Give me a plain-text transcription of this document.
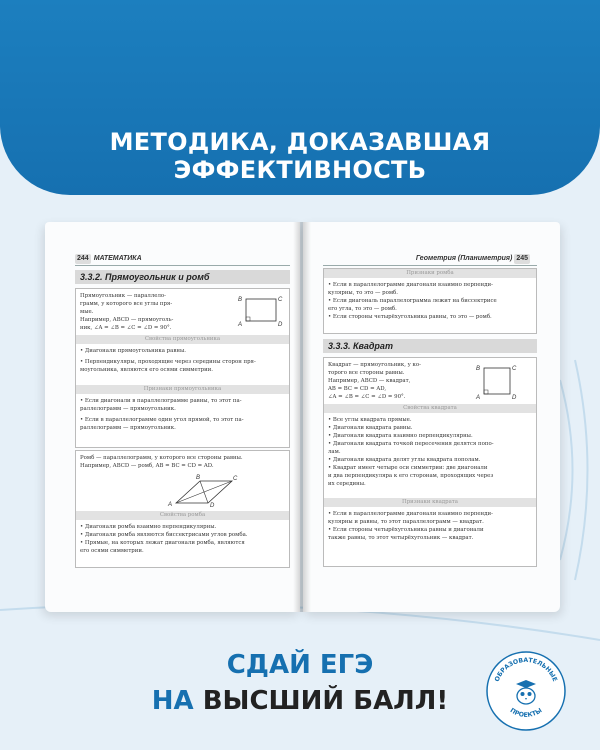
МЕТОДИКА, ДОКАЗАВШАЯ ЭФФЕКТИВНОСТЬ
244 МАТЕМАТИКА
3.3.2. Прямоугольник и ромб
Прямоугольник — параллело-
грамм, у которого все углы пря-
мые.
Например, ABCD — прямоуголь-
ник, ∠A = ∠B = ∠C = ∠D = 90°.
B	C
A	D
Свойства прямоугольника
• Диагонали прямоугольника равны.
• Перпендикуляры, проходящие через середины сторон пря-
моугольника, являются его осями симметрии.
Признаки прямоугольника
• Если диагонали в параллелограмме равны, то этот па-
раллелограмм — прямоугольник.
• Если в параллелограмме один угол прямой, то этот па-
раллелограмм — прямоугольник.
Ромб — параллелограмм, у которого все стороны равны.
Например, ABCD — ромб, AB = BC = CD = AD.
B	C
A	D
Свойства ромба
• Диагонали ромба взаимно перпендикулярны.
• Диагонали ромба являются биссектрисами углов ромба.
• Прямые, на которых лежат диагонали ромба, являются
его осями симметрии.
Геометрия (Планиметрия) 245
Признаки ромба
• Если в параллелограмме диагонали взаимно перпенди-
кулярны, то это — ромб.
• Если диагональ параллелограмма лежит на биссектрисе
его угла, то это — ромб.
• Если стороны четырёхугольника равны, то это — ромб.
3.3.3. Квадрат
Квадрат — прямоугольник, у ко-
торого все стороны равны.
Например, ABCD — квадрат,
AB = BC = CD = AD,
∠A = ∠B = ∠C = ∠D = 90°.
B	C
A	D
Свойства квадрата
• Все углы квадрата прямые.
• Диагонали квадрата равны.
• Диагонали квадрата взаимно перпендикулярны.
• Диагонали квадрата точкой пересечения делятся попо-
лам.
• Диагонали квадрата делят углы квадрата пополам.
• Квадрат имеет четыре оси симметрии: две диагонали
и два перпендикуляра к его сторонам, проходящих через
их середины.
Признаки квадрата
• Если в параллелограмме диагонали взаимно перпенди-
кулярны и равны, то этот параллелограмм — квадрат.
• Если стороны четырёхугольника равны и диагонали
также равны, то этот четырёхугольник — квадрат.
СДАЙ ЕГЭ
НА ВЫСШИЙ БАЛЛ!
ОБРАЗОВАТЕЛЬНЫЕ
ПРОЕКТЫ
